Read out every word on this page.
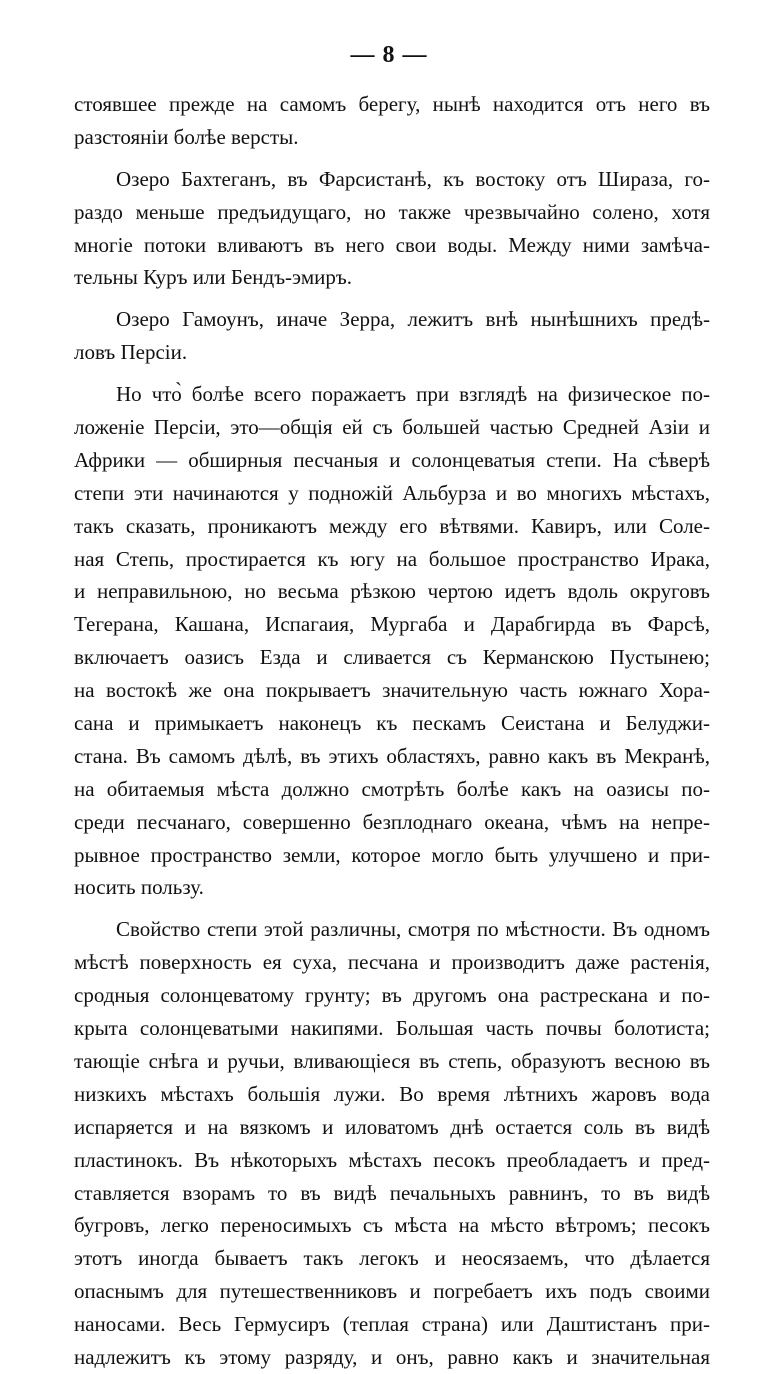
— 8 —
стоявшее прежде на самомъ берегу, нынѣ находится отъ него въ
разстояніи болѣе версты.
Озеро Бахтеганъ, въ Фарсистанѣ, къ востоку отъ Шираза, го-
раздо меньше предъидущаго, но также чрезвычайно солено, хотя
многіе потоки вливаютъ въ него свои воды. Между ними замѣча-
тельны Куръ или Бендъ-эмиръ.
Озеро Гамоунъ, иначе Зерра, лежитъ внѣ нынѣшнихъ предѣ-
ловъ Персіи.
Но что̀ болѣе всего поражаетъ при взглядѣ на физическое по-
ложеніе Персіи, это—общія ей съ большей частью Средней Азіи и
Африки — обширныя песчаныя и солонцеватыя степи. На сѣверѣ
степи эти начинаются у подножій Альбурза и во многихъ мѣстахъ,
такъ сказать, проникаютъ между его вѣтвями. Кавиръ, или Соле-
ная Степь, простирается къ югу на большое пространство Ирака,
и неправильною, но весьма рѣзкою чертою идетъ вдоль округовъ
Тегерана, Кашана, Испагаия, Мургаба и Дарабгирда въ Фарсѣ,
включаетъ оазисъ Езда и сливается съ Керманскою Пустынею;
на востокѣ же она покрываетъ значительную часть южнаго Хора-
сана и примыкаетъ наконецъ къ пескамъ Сеистана и Белуджи-
стана. Въ самомъ дѣлѣ, въ этихъ областяхъ, равно какъ въ Мекранѣ,
на обитаемыя мѣста должно смотрѣть болѣе какъ на оазисы по-
среди песчанаго, совершенно безплоднаго океана, чѣмъ на непре-
рывное пространство земли, которое могло быть улучшено и при-
носить пользу.
Свойство степи этой различны, смотря по мѣстности. Въ одномъ
мѣстѣ поверхность ея суха, песчана и производитъ даже растенія,
сродныя солонцеватому грунту; въ другомъ она растрескана и по-
крыта солонцеватыми накипями. Большая часть почвы болотиста;
тающіе снѣга и ручьи, вливающіеся въ степь, образуютъ весною въ
низкихъ мѣстахъ большія лужи. Во время лѣтнихъ жаровъ вода
испаряется и на вязкомъ и иловатомъ днѣ остается соль въ видѣ
пластинокъ. Въ нѣкоторыхъ мѣстахъ песокъ преобладаетъ и пред-
ставляется взорамъ то въ видѣ печальныхъ равнинъ, то въ видѣ
бугровъ, легко переносимыхъ съ мѣста на мѣсто вѣтромъ; песокъ
этотъ иногда бываетъ такъ легокъ и неосязаемъ, что дѣлается
опаснымъ для путешественниковъ и погребаетъ ихъ подъ своими
наносами. Весь Гермусиръ (теплая страна) или Даштистанъ при-
надлежитъ къ этому разряду, и онъ, равно какъ и значительная
